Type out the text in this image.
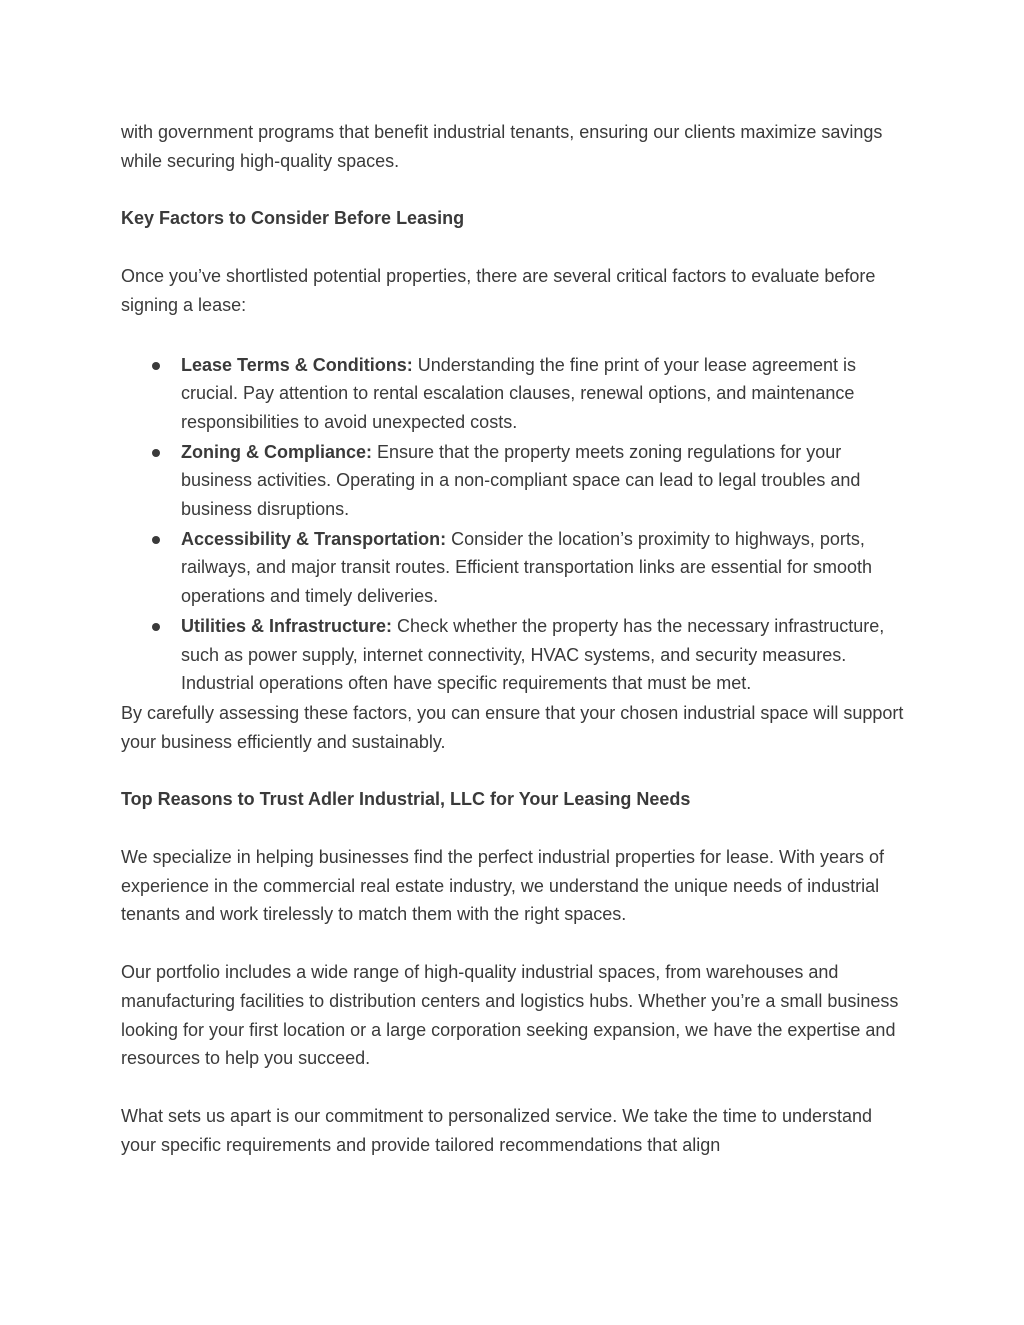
with government programs that benefit industrial tenants, ensuring our clients maximize savings while securing high-quality spaces.

Key Factors to Consider Before Leasing

Once you’ve shortlisted potential properties, there are several critical factors to evaluate before signing a lease:

Lease Terms & Conditions: Understanding the fine print of your lease agreement is crucial. Pay attention to rental escalation clauses, renewal options, and maintenance responsibilities to avoid unexpected costs.
Zoning & Compliance: Ensure that the property meets zoning regulations for your business activities. Operating in a non-compliant space can lead to legal troubles and business disruptions.
Accessibility & Transportation: Consider the location’s proximity to highways, ports, railways, and major transit routes. Efficient transportation links are essential for smooth operations and timely deliveries.
Utilities & Infrastructure: Check whether the property has the necessary infrastructure, such as power supply, internet connectivity, HVAC systems, and security measures. Industrial operations often have specific requirements that must be met.

By carefully assessing these factors, you can ensure that your chosen industrial space will support your business efficiently and sustainably.

Top Reasons to Trust Adler Industrial, LLC for Your Leasing Needs

We specialize in helping businesses find the perfect industrial properties for lease. With years of experience in the commercial real estate industry, we understand the unique needs of industrial tenants and work tirelessly to match them with the right spaces.

Our portfolio includes a wide range of high-quality industrial spaces, from warehouses and manufacturing facilities to distribution centers and logistics hubs. Whether you’re a small business looking for your first location or a large corporation seeking expansion, we have the expertise and resources to help you succeed.

What sets us apart is our commitment to personalized service. We take the time to understand your specific requirements and provide tailored recommendations that align
